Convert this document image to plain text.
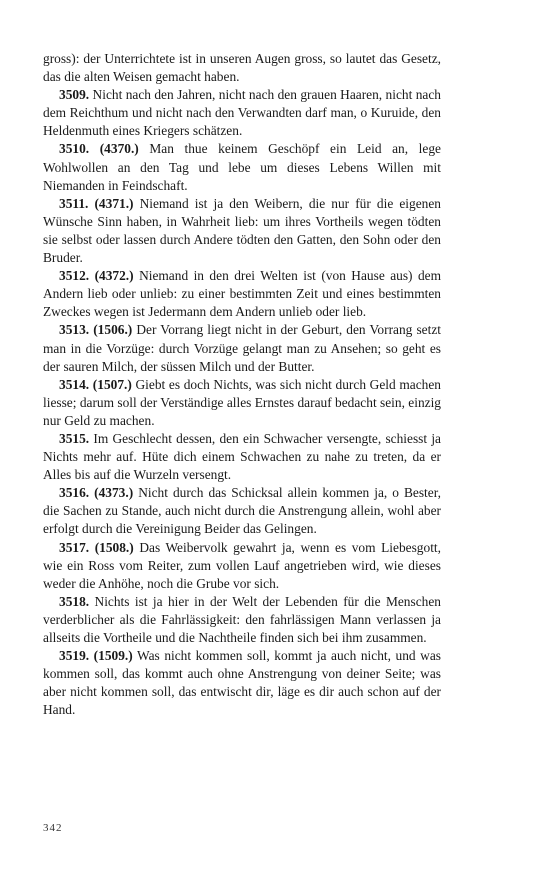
gross): der Unterrichtete ist in unseren Augen gross, so lautet das Gesetz, das die alten Weisen gemacht haben.

3509. Nicht nach den Jahren, nicht nach den grauen Haaren, nicht nach dem Reichthum und nicht nach den Verwandten darf man, o Kuruide, den Heldenmuth eines Kriegers schätzen.

3510. (4370.) Man thue keinem Geschöpf ein Leid an, lege Wohlwollen an den Tag und lebe um dieses Lebens Willen mit Niemanden in Feindschaft.

3511. (4371.) Niemand ist ja den Weibern, die nur für die eigenen Wünsche Sinn haben, in Wahrheit lieb: um ihres Vortheils wegen tödten sie selbst oder lassen durch Andere tödten den Gatten, den Sohn oder den Bruder.

3512. (4372.) Niemand in den drei Welten ist (von Hause aus) dem Andern lieb oder unlieb: zu einer bestimmten Zeit und eines bestimmten Zweckes wegen ist Jedermann dem Andern unlieb oder lieb.

3513. (1506.) Der Vorrang liegt nicht in der Geburt, den Vorrang setzt man in die Vorzüge: durch Vorzüge gelangt man zu Ansehen; so geht es der sauren Milch, der süssen Milch und der Butter.

3514. (1507.) Giebt es doch Nichts, was sich nicht durch Geld machen liesse; darum soll der Verständige alles Ernstes darauf bedacht sein, einzig nur Geld zu machen.

3515. Im Geschlecht dessen, den ein Schwacher versengte, schiesst ja Nichts mehr auf. Hüte dich einem Schwachen zu nahe zu treten, da er Alles bis auf die Wurzeln versengt.

3516. (4373.) Nicht durch das Schicksal allein kommen ja, o Bester, die Sachen zu Stande, auch nicht durch die Anstrengung allein, wohl aber erfolgt durch die Vereinigung Beider das Gelingen.

3517. (1508.) Das Weibervolk gewahrt ja, wenn es vom Liebesgott, wie ein Ross vom Reiter, zum vollen Lauf angetrieben wird, wie dieses weder die Anhöhe, noch die Grube vor sich.

3518. Nichts ist ja hier in der Welt der Lebenden für die Menschen verderblicher als die Fahrlässigkeit: den fahrlässigen Mann verlassen ja allseits die Vortheile und die Nachtheile finden sich bei ihm zusammen.

3519. (1509.) Was nicht kommen soll, kommt ja auch nicht, und was kommen soll, das kommt auch ohne Anstrengung von deiner Seite; was aber nicht kommen soll, das entwischt dir, läge es dir auch schon auf der Hand.

342
